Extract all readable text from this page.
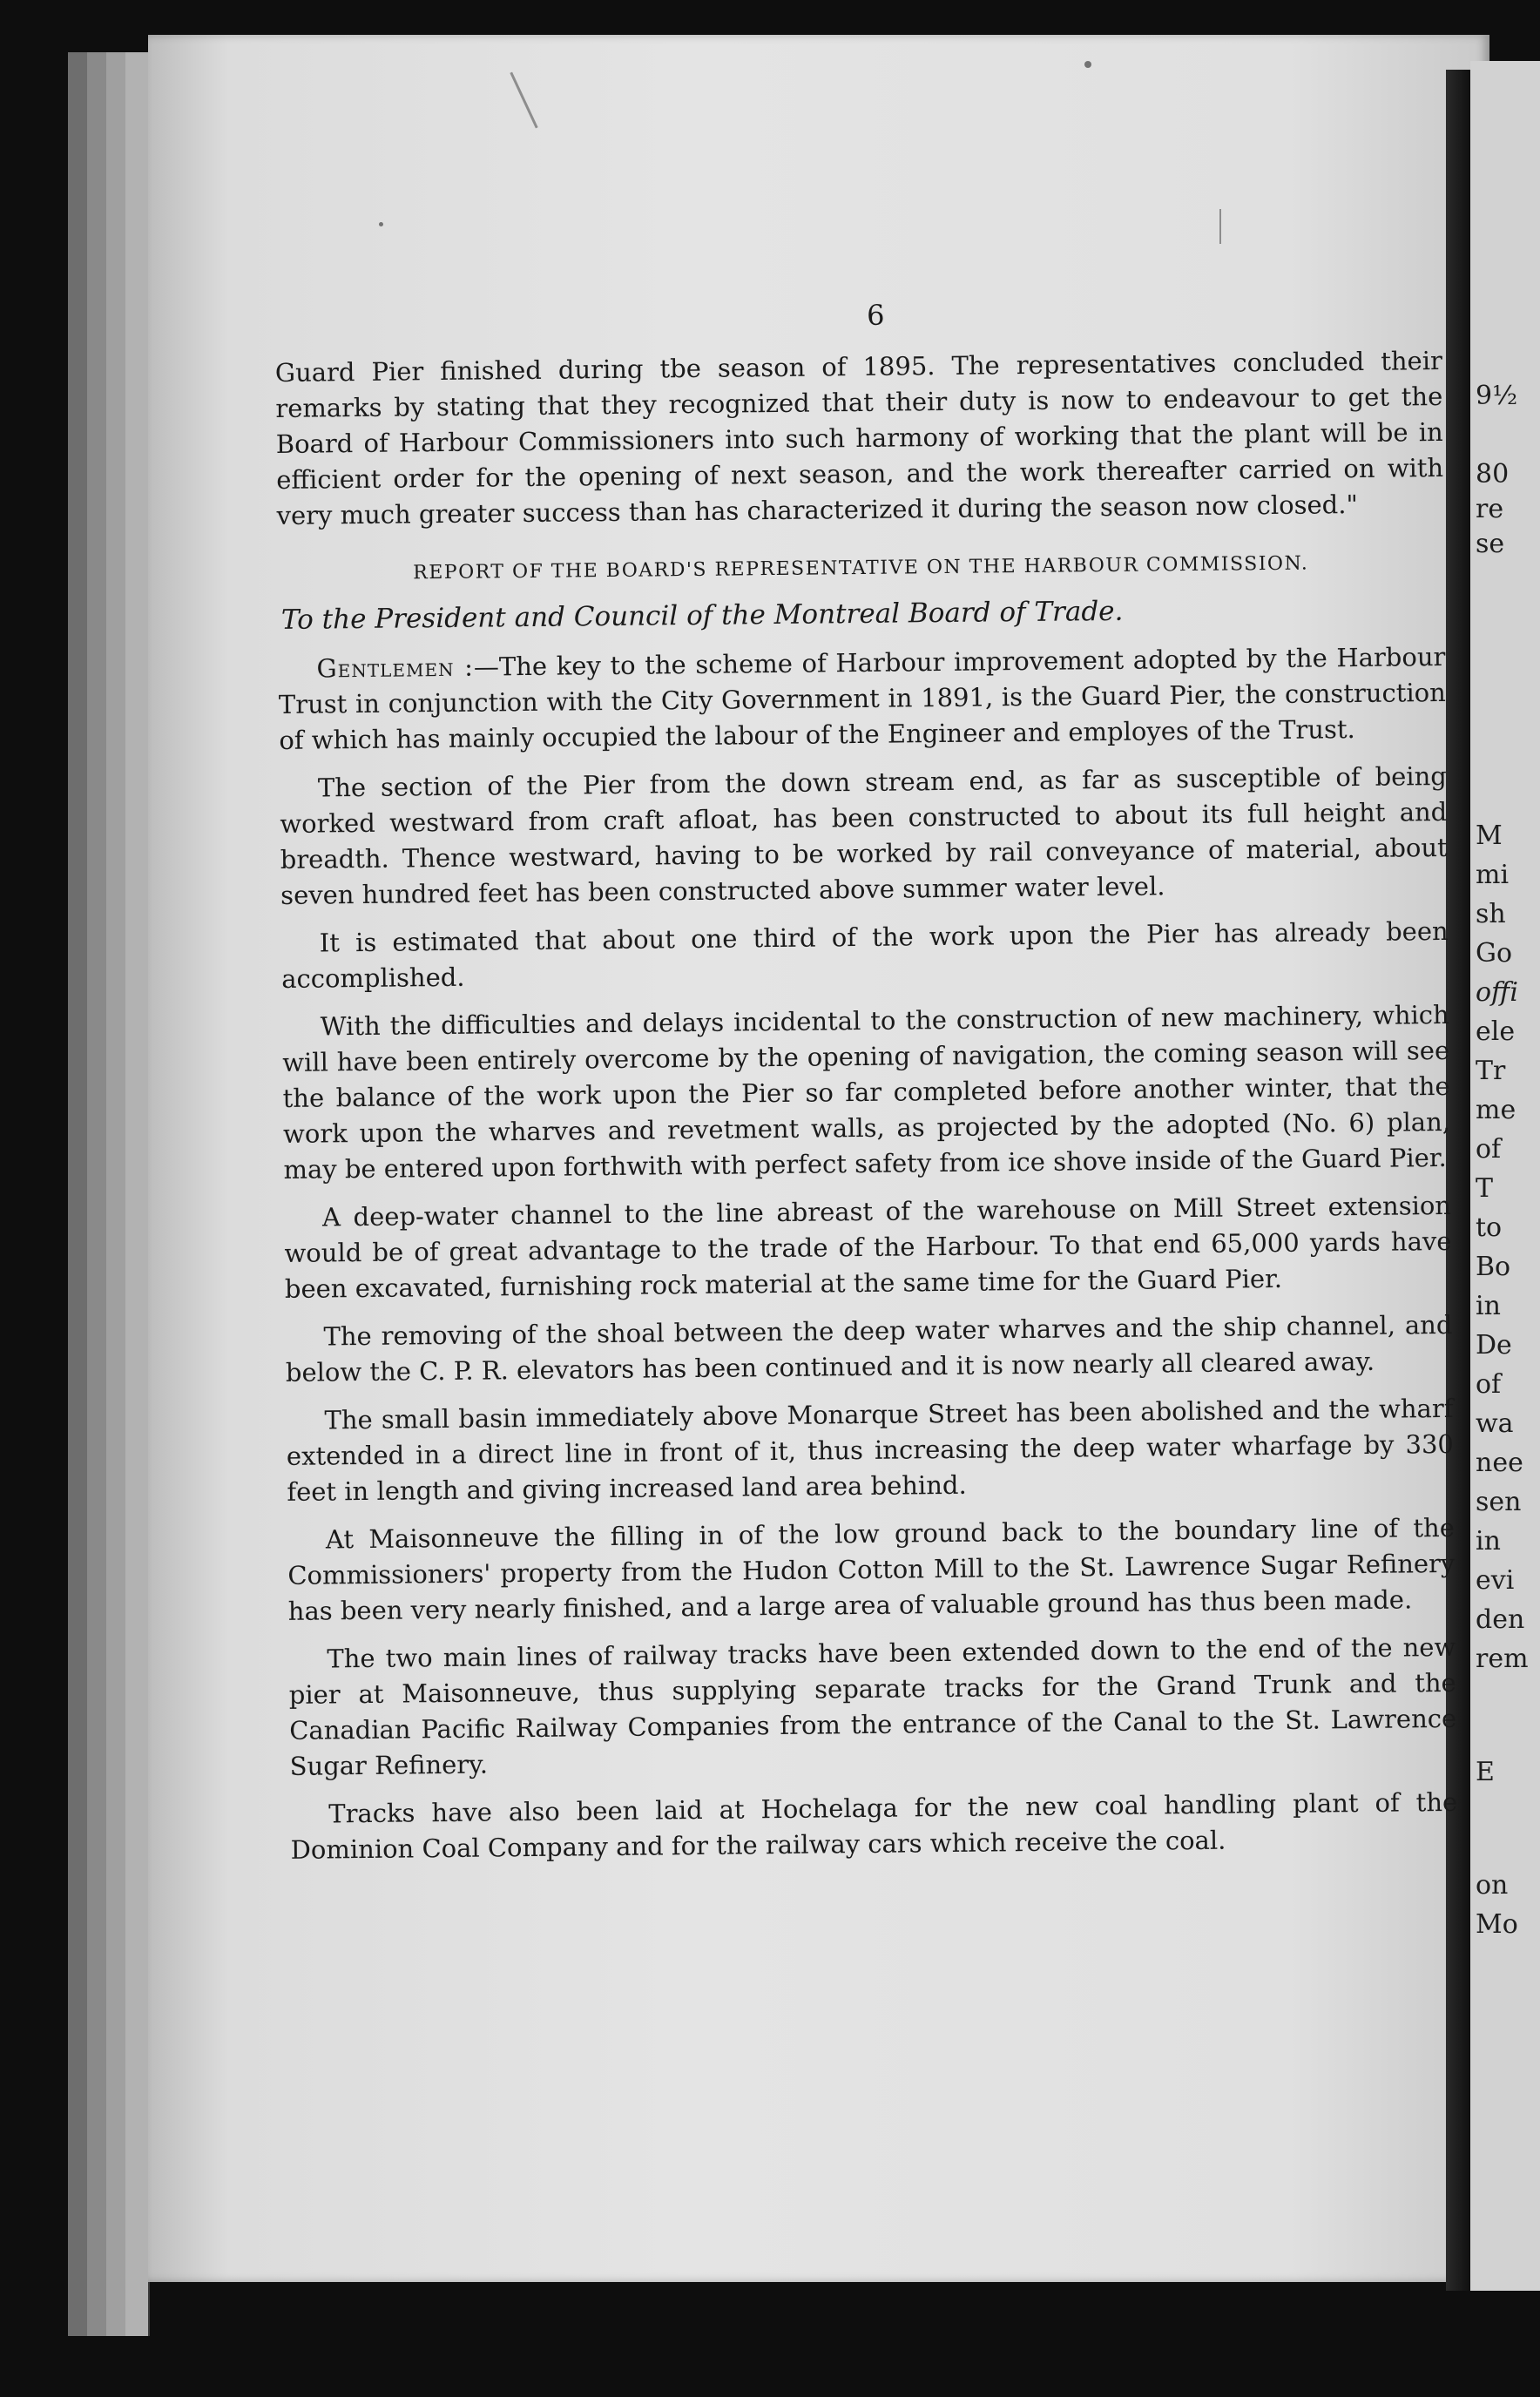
9½
80
re
se
M
mi
sh
Go
offi
ele
Tr
me
of
T
to
Bo
in
De
of
wa
nee
sen
in
evi
den
rem
E
on
Mo
6

Guard Pier finished during tbe season of 1895. The representatives concluded their remarks by stating that they recognized that their duty is now to endeavour to get the Board of Harbour Commissioners into such harmony of working that the plant will be in efficient order for the opening of next season, and the work thereafter carried on with very much greater success than has characterized it during the season now closed."

REPORT OF THE BOARD'S REPRESENTATIVE ON THE HARBOUR COMMISSION.
To the President and Council of the Montreal Board of Trade.

Gentlemen :—The key to the scheme of Harbour improvement adopted by the Harbour Trust in conjunction with the City Government in 1891, is the Guard Pier, the construction of which has mainly occupied the labour of the Engineer and employes of the Trust.

The section of the Pier from the down stream end, as far as susceptible of being worked westward from craft afloat, has been constructed to about its full height and breadth. Thence westward, having to be worked by rail conveyance of material, about seven hundred feet has been constructed above summer water level.

It is estimated that about one third of the work upon the Pier has already been accomplished.

With the difficulties and delays incidental to the construction of new machinery, which will have been entirely overcome by the opening of navigation, the coming season will see the balance of the work upon the Pier so far completed before another winter, that the work upon the wharves and revetment walls, as projected by the adopted (No. 6) plan, may be entered upon forthwith with perfect safety from ice shove inside of the Guard Pier.

A deep-water channel to the line abreast of the warehouse on Mill Street extension would be of great advantage to the trade of the Harbour. To that end 65,000 yards have been excavated, furnishing rock material at the same time for the Guard Pier.

The removing of the shoal between the deep water wharves and the ship channel, and below the C. P. R. elevators has been continued and it is now nearly all cleared away.

The small basin immediately above Monarque Street has been abolished and the wharf extended in a direct line in front of it, thus increasing the deep water wharfage by 330 feet in length and giving increased land area behind.

At Maisonneuve the filling in of the low ground back to the boundary line of the Commissioners' property from the Hudon Cotton Mill to the St. Lawrence Sugar Refinery has been very nearly finished, and a large area of valuable ground has thus been made.

The two main lines of railway tracks have been extended down to the end of the new pier at Maisonneuve, thus supplying separate tracks for the Grand Trunk and the Canadian Pacific Railway Companies from the entrance of the Canal to the St. Lawrence Sugar Refinery.

Tracks have also been laid at Hochelaga for the new coal handling plant of the Dominion Coal Company and for the railway cars which receive the coal.
